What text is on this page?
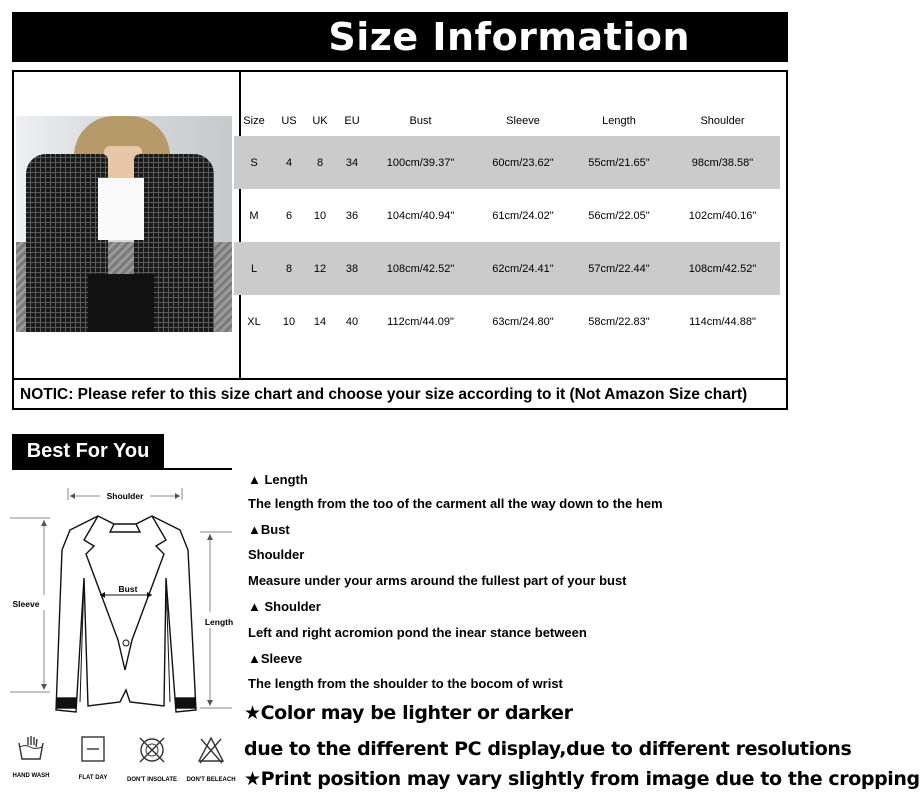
Size Information
NOTIC: Please refer to this size chart and choose your size according to it (Not Amazon Size chart)
Size	US	UK	EU	Bust	Sleeve	Length	Shoulder
S	4	8	34	100cm/39.37"	60cm/23.62"	55cm/21.65"	98cm/38.58"
M	6	10	36	104cm/40.94"	61cm/24.02"	56cm/22.05"	102cm/40.16"
L	8	12	38	108cm/42.52"	62cm/24.41"	57cm/22.44"	108cm/42.52"
XL	10	14	40	112cm/44.09"	63cm/24.80"	58cm/22.83"	114cm/44.88"
Best For You
Shoulder
Sleeve
Length
Bust
▲ Length
The length from the too of the carment all the way down to the hem
▲Bust
Shoulder
Measure under your arms around the fullest part of your bust
▲ Shoulder
Left and right acromion pond the inear stance between
▲Sleeve
The length from the shoulder to the bocom of wrist
★Color may be lighter or darker
due to the different PC display,due to different resolutions
★Print position may vary slightly from image due to the cropping
HAND WASH	FLAT DAY	DON'T INSOLATE DON'T BELEACH
